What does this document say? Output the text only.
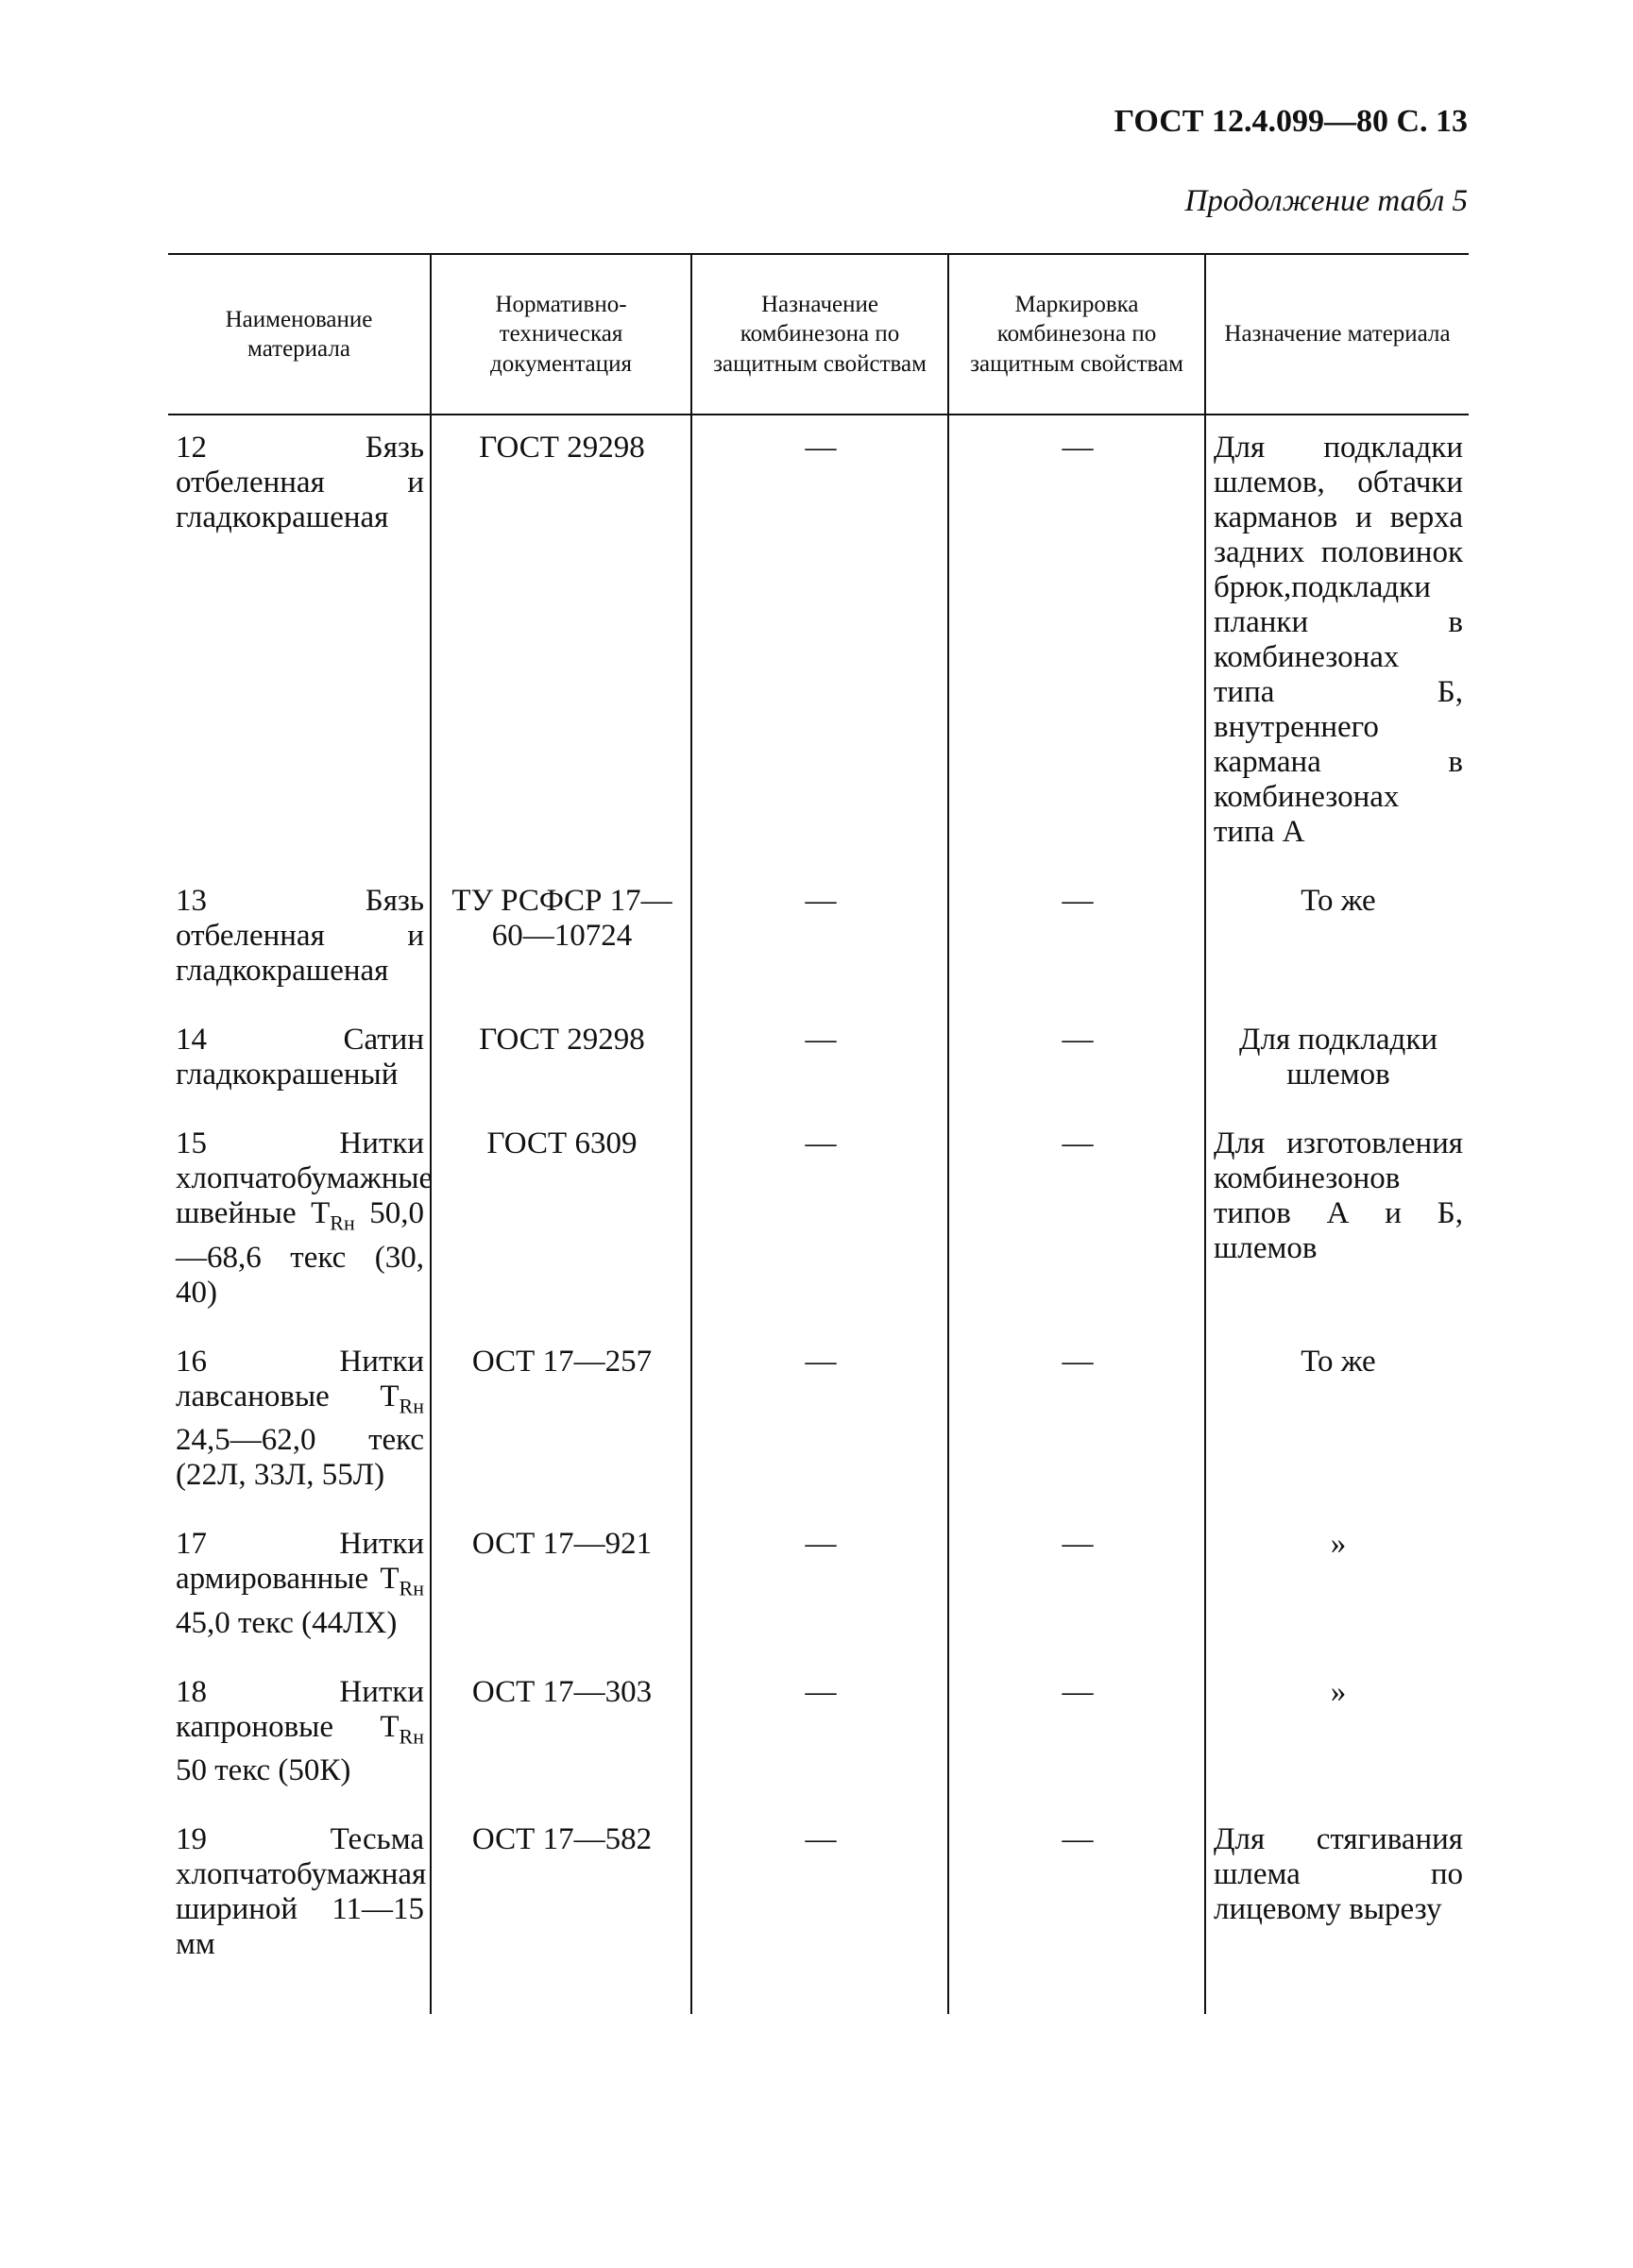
ГОСТ 12.4.099—80 С. 13
Продолжение табл 5
Наименование материала	Нормативно-техническая документация	Назначение комбинезона по защитным свойствам	Маркировка комбинезона по защитным свойствам	Назначение материала
12 Бязь отбеленная и гладкокрашеная	ГОСТ 29298	—	—	Для подкладки шлемов, обтачки карманов и верха задних половинок брюк,подкладки планки в комбинезонах типа Б, внутреннего кармана в комбинезонах типа А
13 Бязь отбеленная и гладкокрашеная	ТУ РСФСР 17—60—10724	—	—	То же
14 Сатин гладкокрашеный	ГОСТ 29298	—	—	Для подкладки шлемов
15 Нитки хлопчатобумажные швейные $Т_{Rн}$ 50,0—68,6 текс (30, 40)	ГОСТ 6309	—	—	Для изготовления комбинезонов типов А и Б, шлемов
16 Нитки лавсановые $Т_{Rн}$ 24,5—62,0 текс (22Л, 33Л, 55Л)	ОСТ 17—257	—	—	То же
17 Нитки армированные $Т_{Rн}$ 45,0 текс (44ЛХ)	ОСТ 17—921	—	—	»
18 Нитки капроновые $Т_{Rн}$ 50 текс (50К)	ОСТ 17—303	—	—	»
19 Тесьма хлопчатобумажная шириной 11—15 мм	ОСТ 17—582	—	—	Для стягивания шлема по лицевому вырезу
